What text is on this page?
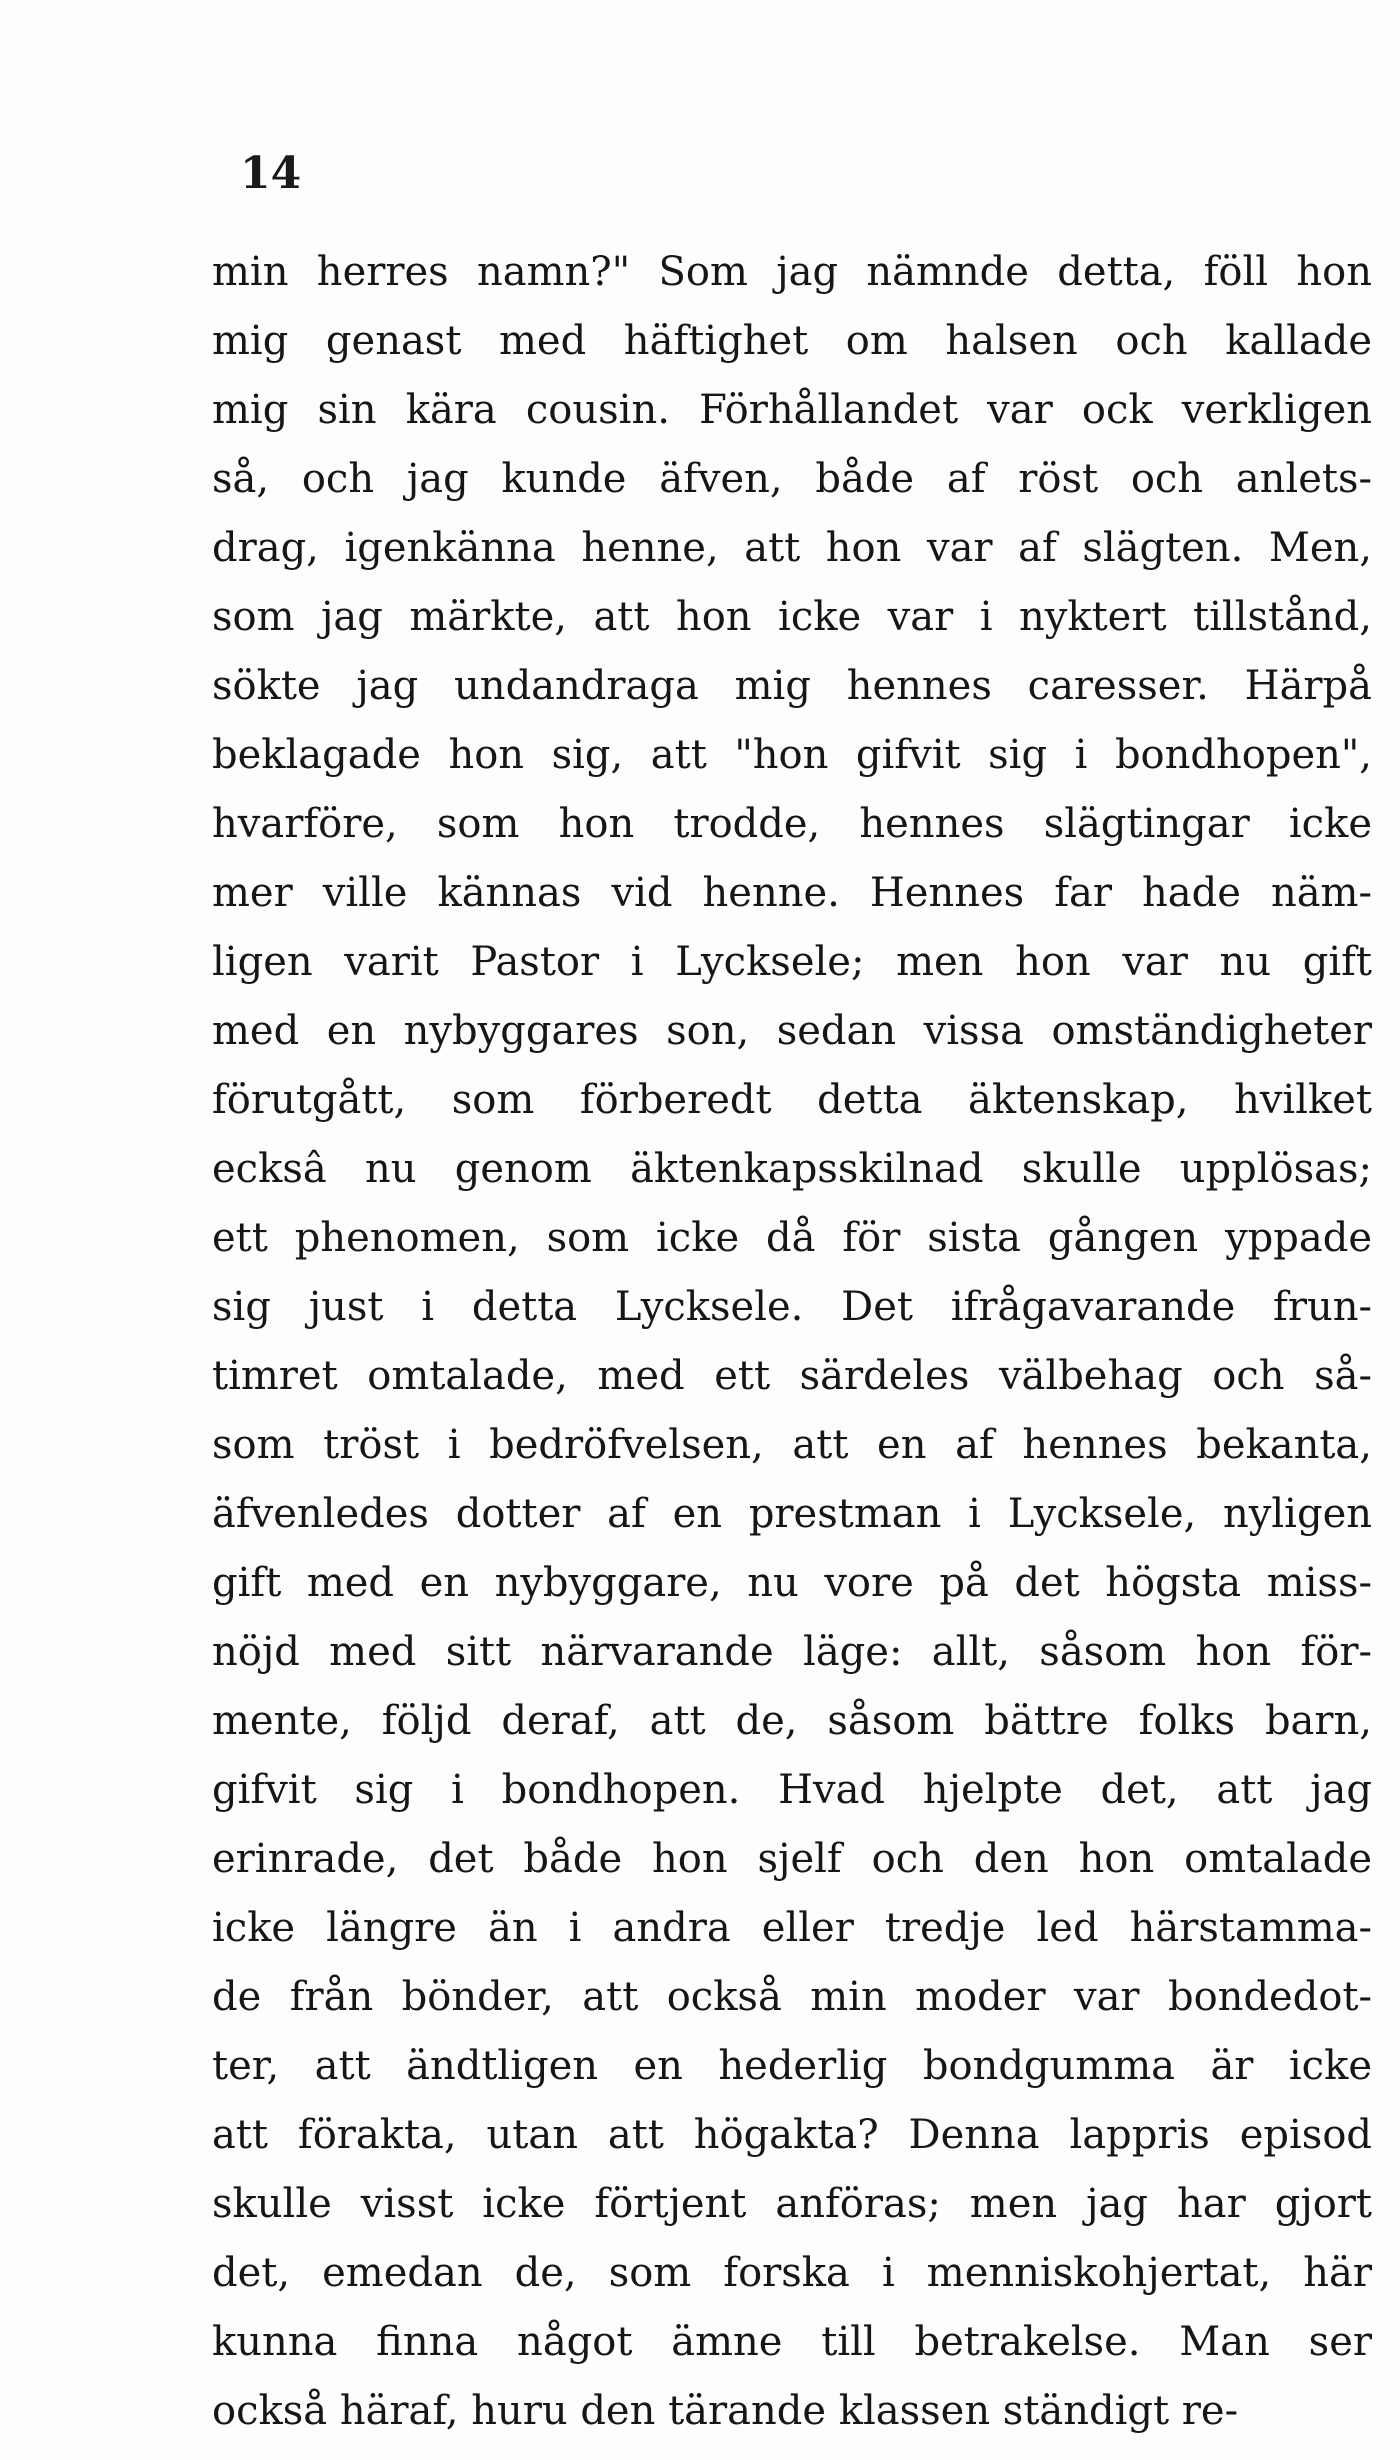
14

min herres namn?" Som jag nämnde detta, föll hon
mig genast med häftighet om halsen och kallade
mig sin kära cousin. Förhållandet var ock verkligen
så, och jag kunde äfven, både af röst och anlets-
drag, igenkänna henne, att hon var af slägten. Men,
som jag märkte, att hon icke var i nyktert tillstånd,
sökte jag undandraga mig hennes caresser. Härpå
beklagade hon sig, att "hon gifvit sig i bondhopen",
hvarföre, som hon trodde, hennes slägtingar icke
mer ville kännas vid henne. Hennes far hade näm-
ligen varit Pastor i Lycksele; men hon var nu gift
med en nybyggares son, sedan vissa omständigheter
förutgått, som förberedt detta äktenskap, hvilket
ecksâ nu genom äktenkapsskilnad skulle upplösas;
ett phenomen, som icke då för sista gången yppade
sig just i detta Lycksele. Det ifrågavarande frun-
timret omtalade, med ett särdeles välbehag och så-
som tröst i bedröfvelsen, att en af hennes bekanta,
äfvenledes dotter af en prestman i Lycksele, nyligen
gift med en nybyggare, nu vore på det högsta miss-
nöjd med sitt närvarande läge: allt, såsom hon för-
mente, följd deraf, att de, såsom bättre folks barn,
gifvit sig i bondhopen. Hvad hjelpte det, att jag
erinrade, det både hon sjelf och den hon omtalade
icke längre än i andra eller tredje led härstamma-
de från bönder, att också min moder var bondedot-
ter, att ändtligen en hederlig bondgumma är icke
att förakta, utan att högakta? Denna lappris episod
skulle visst icke förtjent anföras; men jag har gjort
det, emedan de, som forska i menniskohjertat, här
kunna finna något ämne till betrakelse. Man ser
också häraf, huru den tärande klassen ständigt re-
